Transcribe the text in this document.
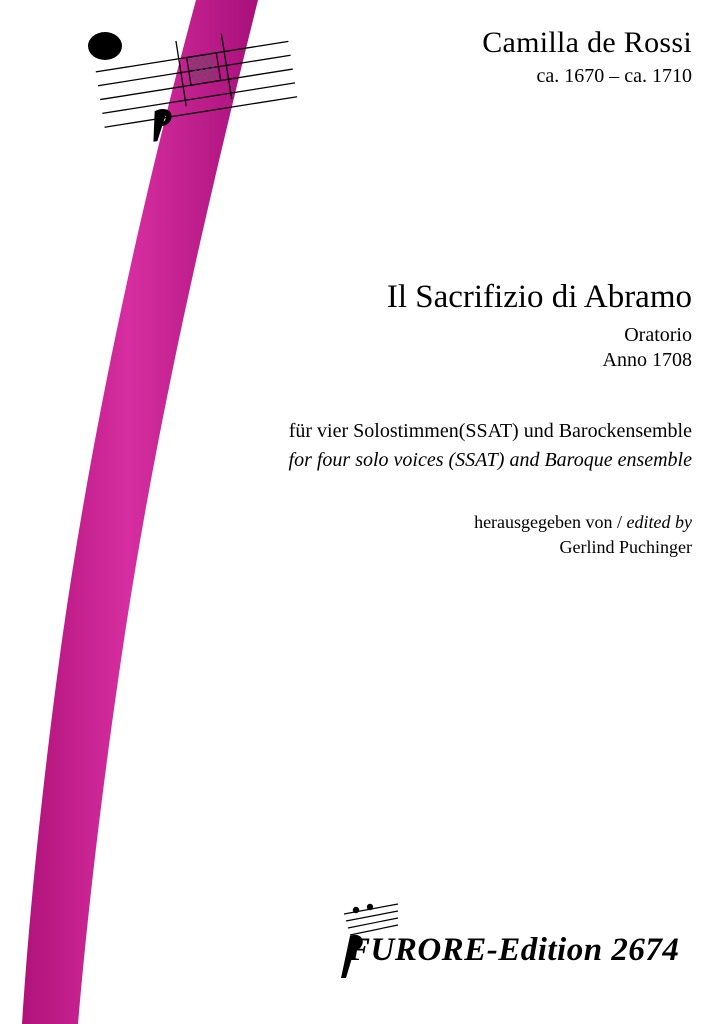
Camilla de Rossi
ca. 1670 – ca. 1710
Il Sacrifizio di Abramo
Oratorio
Anno 1708
für vier Solostimmen(SSAT) und Barockensemble
for four solo voices (SSAT) and Baroque ensemble
herausgegeben von / edited by
Gerlind Puchinger
FURORE-Edition 2674
